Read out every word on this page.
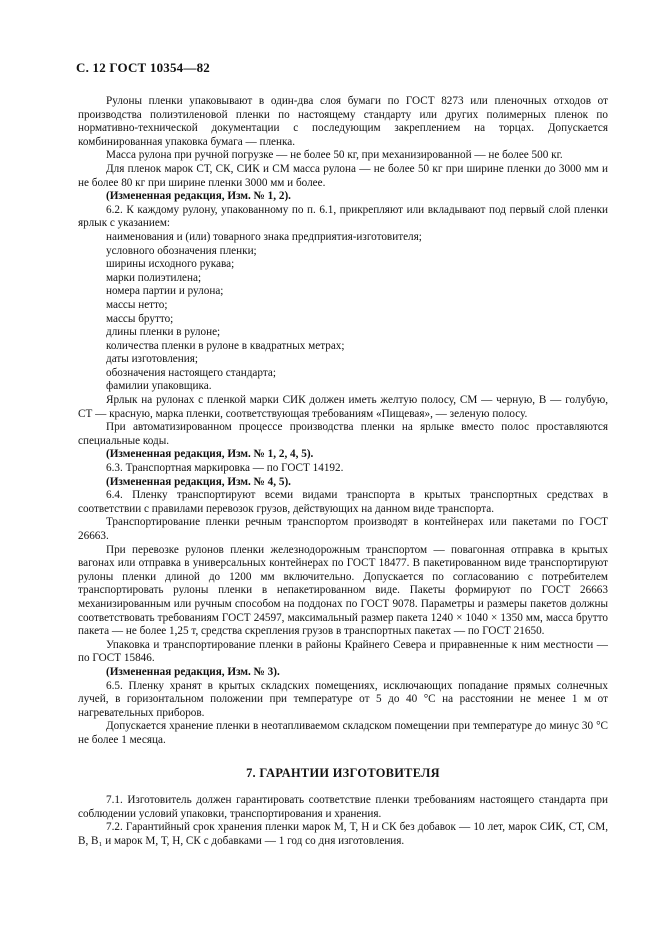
С. 12 ГОСТ 10354—82

Рулоны пленки упаковывают в один-два слоя бумаги по ГОСТ 8273 или пленочных отходов от производства полиэтиленовой пленки по настоящему стандарту или других полимерных пленок по нормативно-технической документации с последующим закреплением на торцах. Допускается комбинированная упаковка бумага — пленка.

Масса рулона при ручной погрузке — не более 50 кг, при механизированной — не более 500 кг.

Для пленок марок СТ, СК, СИК и СМ масса рулона — не более 50 кг при ширине пленки до 3000 мм и не более 80 кг при ширине пленки 3000 мм и более.

(Измененная редакция, Изм. № 1, 2).

6.2. К каждому рулону, упакованному по п. 6.1, прикрепляют или вкладывают под первый слой пленки ярлык с указанием:

наименования и (или) товарного знака предприятия-изготовителя;

условного обозначения пленки;

ширины исходного рукава;

марки полиэтилена;

номера партии и рулона;

массы нетто;

массы брутто;

длины пленки в рулоне;

количества пленки в рулоне в квадратных метрах;

даты изготовления;

обозначения настоящего стандарта;

фамилии упаковщика.

Ярлык на рулонах с пленкой марки СИК должен иметь желтую полосу, СМ — черную, В — голубую, СТ — красную, марка пленки, соответствующая требованиям «Пищевая», — зеленую полосу.

При автоматизированном процессе производства пленки на ярлыке вместо полос проставляются специальные коды.

(Измененная редакция, Изм. № 1, 2, 4, 5).

6.3. Транспортная маркировка — по ГОСТ 14192.

(Измененная редакция, Изм. № 4, 5).

6.4. Пленку транспортируют всеми видами транспорта в крытых транспортных средствах в соответствии с правилами перевозок грузов, действующих на данном виде транспорта.

Транспортирование пленки речным транспортом производят в контейнерах или пакетами по ГОСТ 26663.

При перевозке рулонов пленки железнодорожным транспортом — повагонная отправка в крытых вагонах или отправка в универсальных контейнерах по ГОСТ 18477. В пакетированном виде транспортируют рулоны пленки длиной до 1200 мм включительно. Допускается по согласованию с потребителем транспортировать рулоны пленки в непакетированном виде. Пакеты формируют по ГОСТ 26663 механизированным или ручным способом на поддонах по ГОСТ 9078. Параметры и размеры пакетов должны соответствовать требованиям ГОСТ 24597, максимальный размер пакета 1240 × 1040 × 1350 мм, масса брутто пакета — не более 1,25 т, средства скрепления грузов в транспортных пакетах — по ГОСТ 21650.

Упаковка и транспортирование пленки в районы Крайнего Севера и приравненные к ним местности — по ГОСТ 15846.

(Измененная редакция, Изм. № 3).

6.5. Пленку хранят в крытых складских помещениях, исключающих попадание прямых солнечных лучей, в горизонтальном положении при температуре от 5 до 40 °С на расстоянии не менее 1 м от нагревательных приборов.

Допускается хранение пленки в неотапливаемом складском помещении при температуре до минус 30 °С не более 1 месяца.

7. ГАРАНТИИ ИЗГОТОВИТЕЛЯ

7.1. Изготовитель должен гарантировать соответствие пленки требованиям настоящего стандарта при соблюдении условий упаковки, транспортирования и хранения.

7.2. Гарантийный срок хранения пленки марок М, Т, Н и СК без добавок — 10 лет, марок СИК, СТ, СМ, В, В₁ и марок М, Т, Н, СК с добавками — 1 год со дня изготовления.
